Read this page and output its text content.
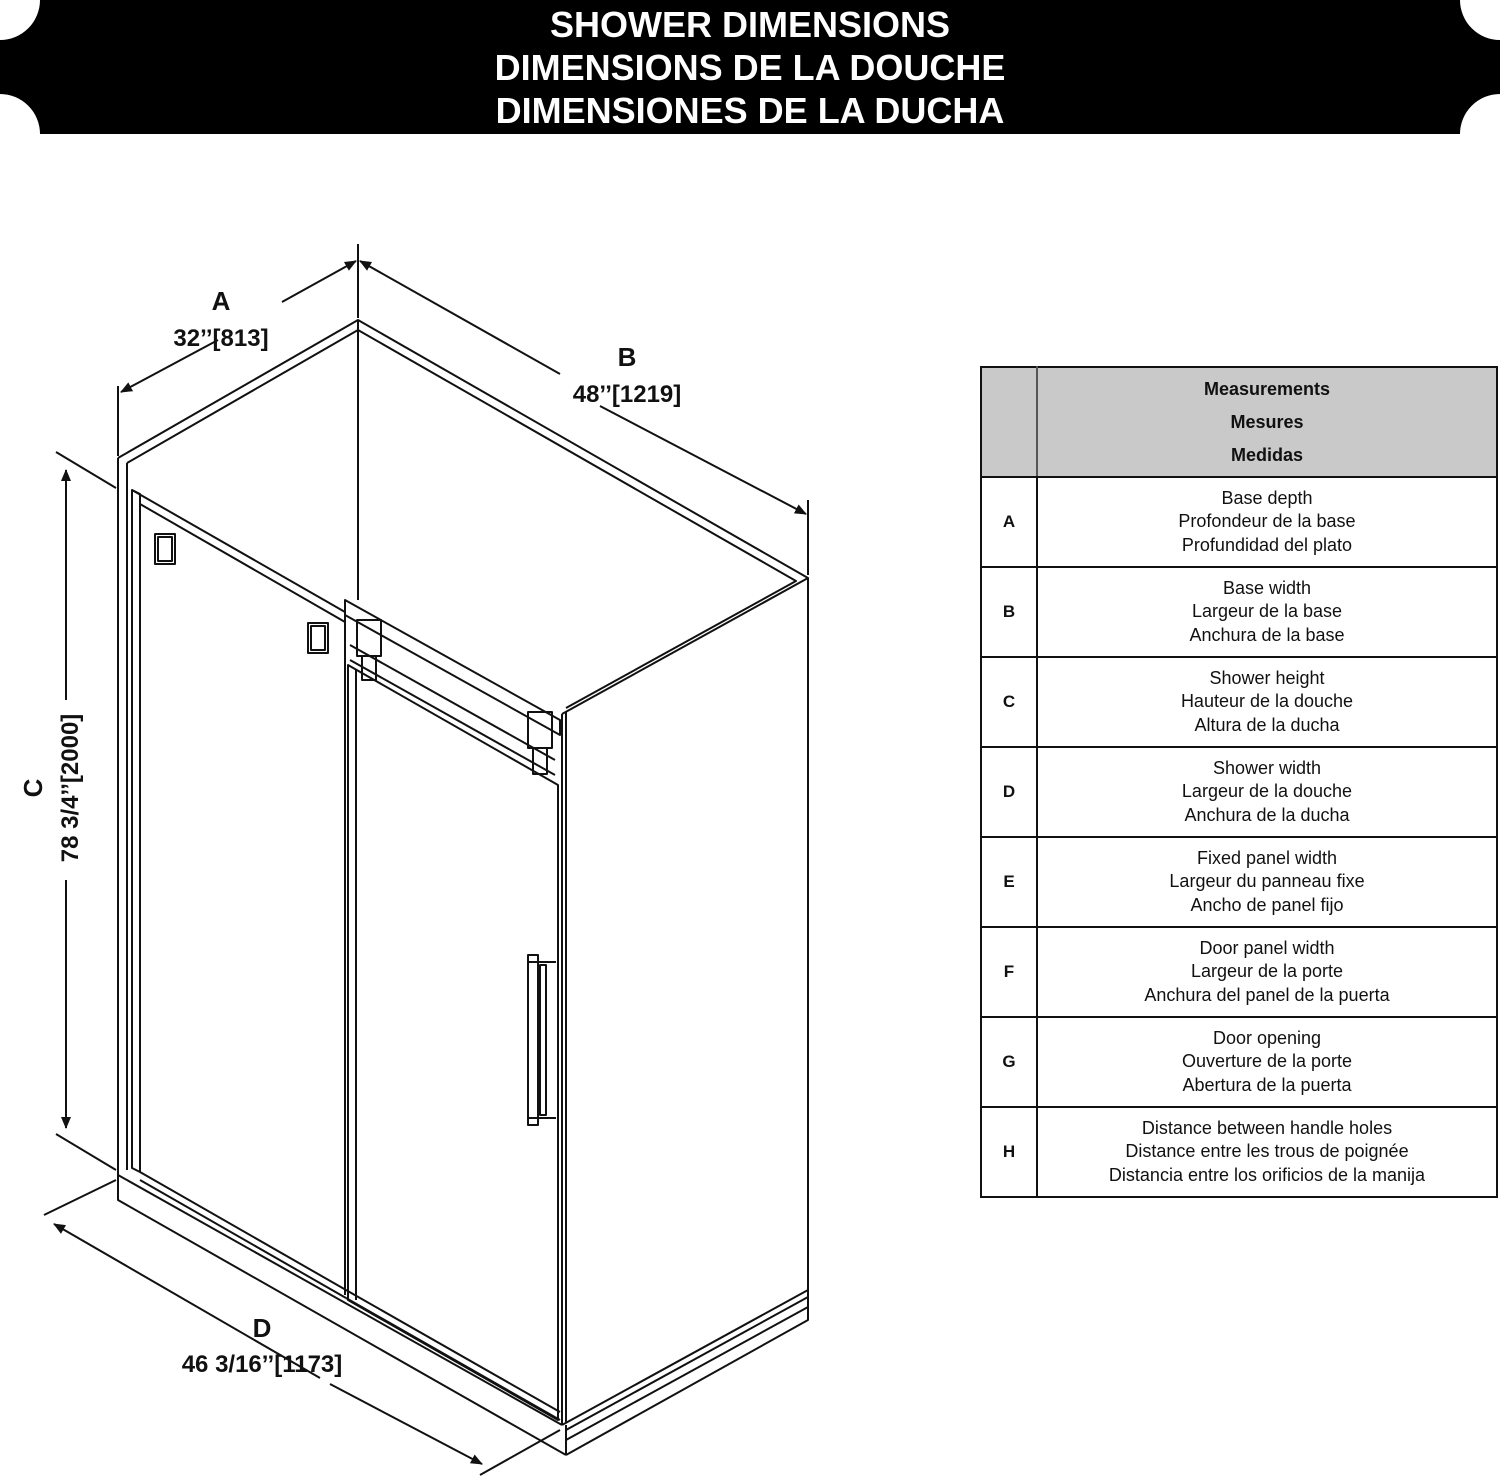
SHOWER DIMENSIONS
DIMENSIONS DE LA DOUCHE
DIMENSIONES DE LA DUCHA
A
32’’[813]
B
48’’[1219]
C 78 3/4’’[2000]
D
46 3/16’’[1173]

	Measurements
Mesures
Medidas

A	Base depth
Profondeur de la base
Profundidad del plato

B	Base width
Largeur de la base
Anchura de la base

C	Shower height
Hauteur de la douche
Altura de la ducha

D	Shower width
Largeur de la douche
Anchura de la ducha

E	Fixed panel width
Largeur du panneau fixe
Ancho de panel fijo

F	Door panel width
Largeur de la porte
Anchura del panel de la puerta

G	Door opening
Ouverture de la porte
Abertura de la puerta

H	Distance between handle holes
Distance entre les trous de poignée
Distancia entre los orificios de la manija
